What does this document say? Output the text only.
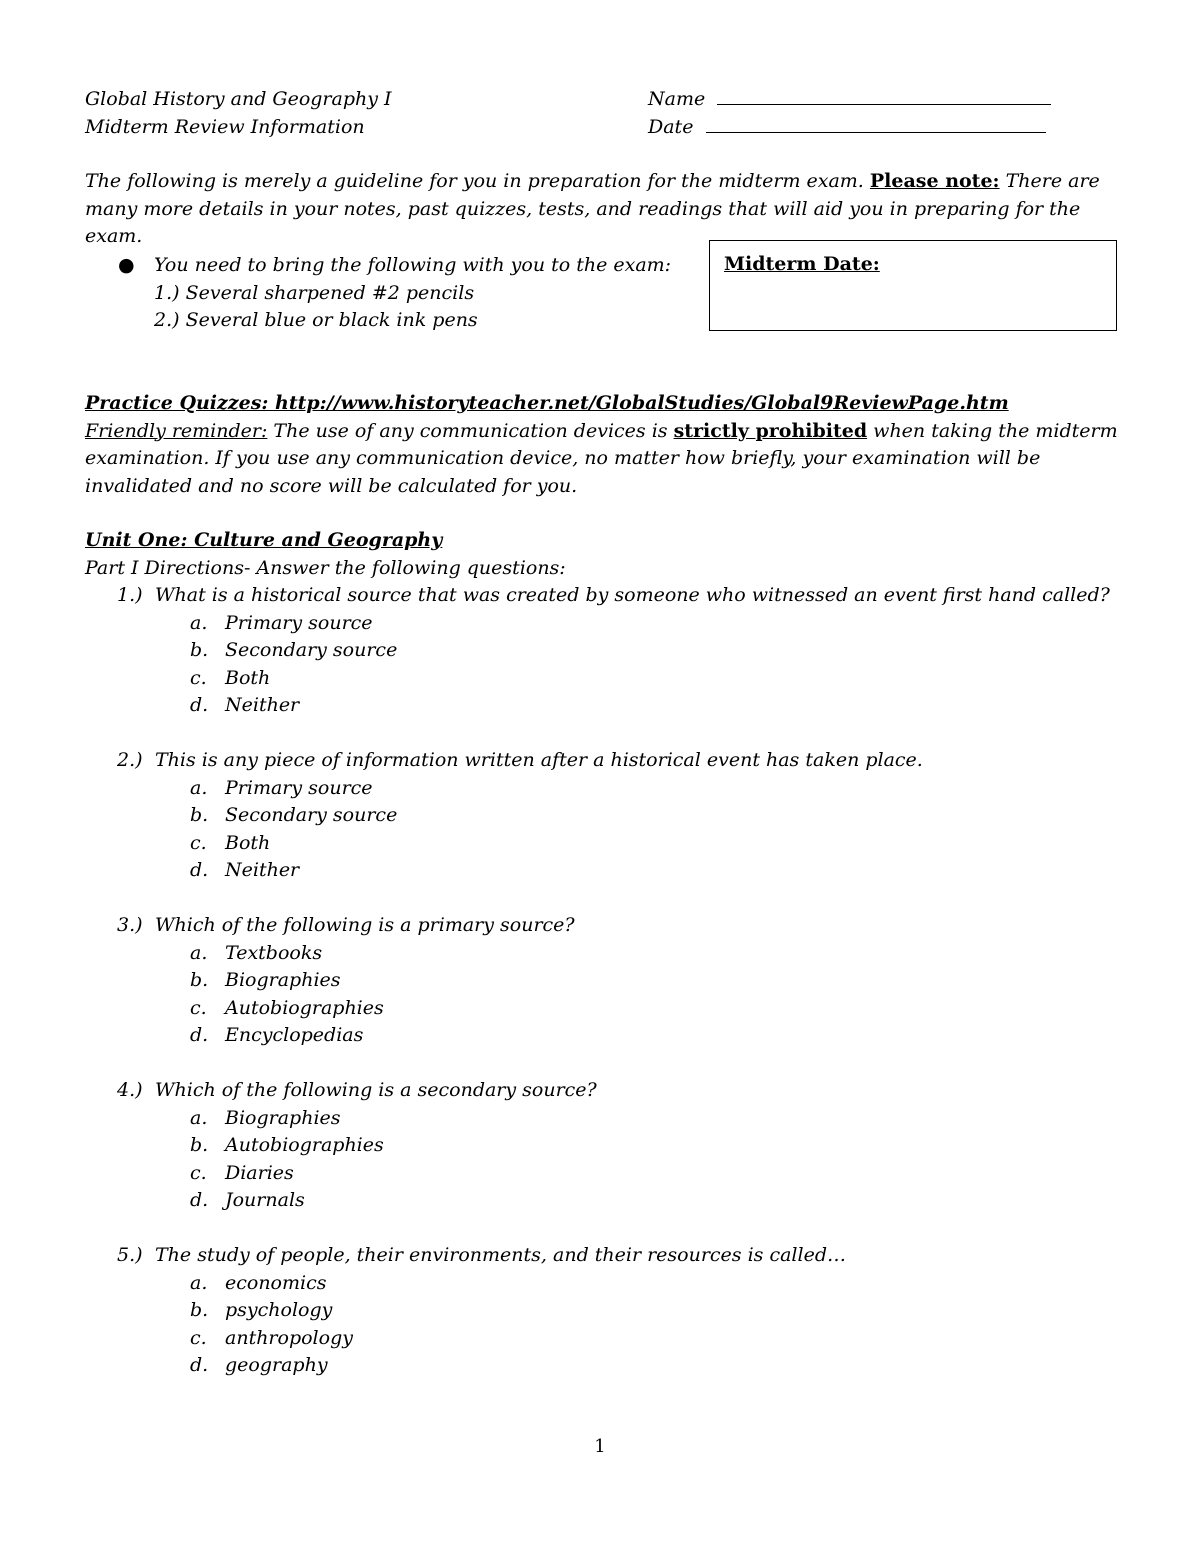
Global History and Geography I
Midterm Review Information
Name
Date

The following is merely a guideline for you in preparation for the midterm exam. Please note: There are many more details in your notes, past quizzes, tests, and readings that will aid you in preparing for the exam.

●	You need to bring the following with you to the exam:
1.) Several sharpened #2 pencils
2.) Several blue or black ink pens
Midterm Date:
Practice Quizzes: http://www.historyteacher.net/GlobalStudies/Global9ReviewPage.htm
Friendly reminder: The use of any communication devices is strictly prohibited when taking the midterm examination. If you use any communication device, no matter how briefly, your examination will be invalidated and no score will be calculated for you.
Unit One: Culture and Geography
Part I Directions- Answer the following questions:
1.) What is a historical source that was created by someone who witnessed an event first hand called?
a. Primary source
b. Secondary source
c. Both
d. Neither
2.) This is any piece of information written after a historical event has taken place.
a. Primary source
b. Secondary source
c. Both
d. Neither
3.) Which of the following is a primary source?
a. Textbooks
b. Biographies
c. Autobiographies
d. Encyclopedias
4.) Which of the following is a secondary source?
a. Biographies
b. Autobiographies
c. Diaries
d. Journals
5.) The study of people, their environments, and their resources is called…
a. economics
b. psychology
c. anthropology
d. geography
1
